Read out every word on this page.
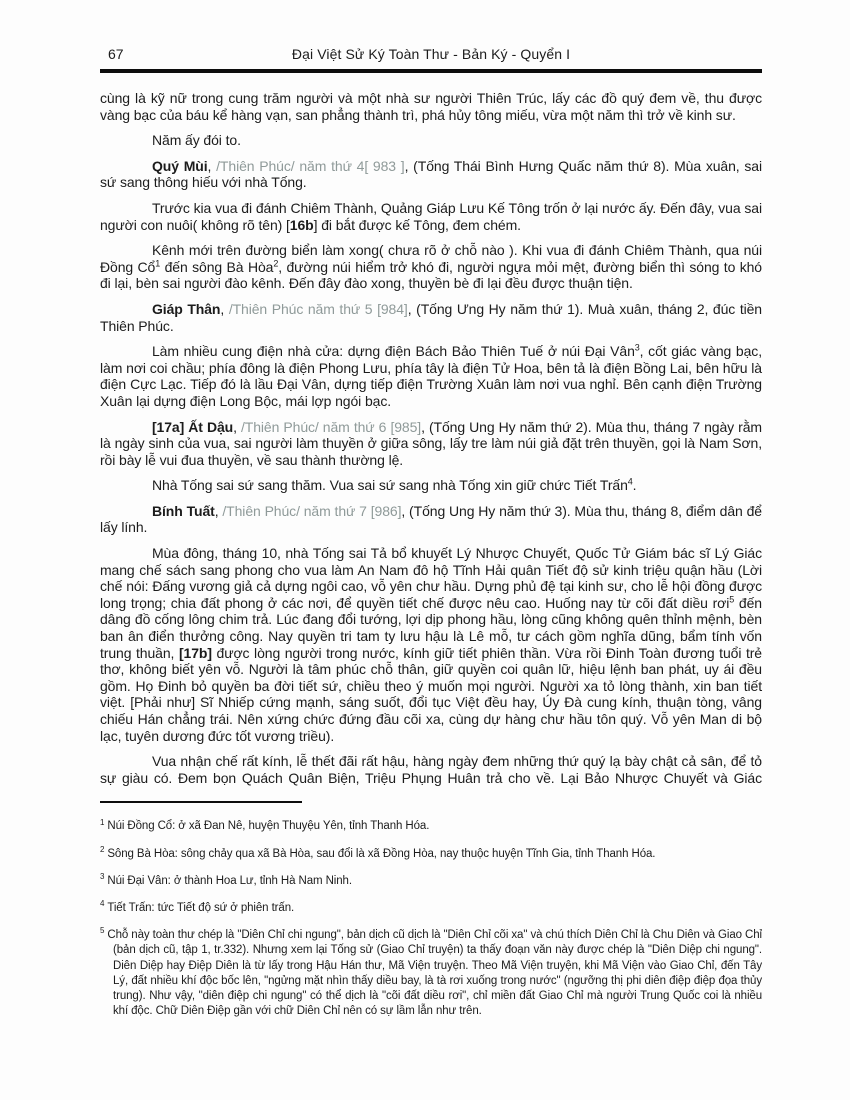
67	Đại Việt Sử Ký Toàn Thư - Bản Ký - Quyển I

cùng là kỹ nữ trong cung trăm người và một nhà sư người Thiên Trúc, lấy các đồ quý đem về, thu được vàng bạc của báu kể hàng vạn, san phẳng thành trì, phá hủy tông miếu, vừa một năm thì trở về kinh sư.

Năm ấy đói to.

Quý Mùi, /Thiên Phúc/ năm thứ 4[ 983 ], (Tống Thái Bình Hưng Quấc năm thứ 8). Mùa xuân, sai sứ sang thông hiếu với nhà Tống.

Trước kia vua đi đánh Chiêm Thành, Quảng Giáp Lưu Kế Tông trốn ở lại nước ấy. Đến đây, vua sai người con nuôi( không rõ tên) [16b] đi bắt được kế Tông, đem chém.

Kênh mới trên đường biển làm xong( chưa rõ ở chỗ nào ). Khi vua đi đánh Chiêm Thành, qua núi Đồng Cổ$^1$ đến sông Bà Hòa$^2$, đường núi hiểm trở khó đi, người ngựa mỏi mệt, đường biển thì sóng to khó đi lại, bèn sai người đào kênh. Đến đây đào xong, thuyền bè đi lại đều được thuận tiện.

Giáp Thân, /Thiên Phúc năm thứ 5 [984], (Tống Ưng Hy năm thứ 1). Muà xuân, tháng 2, đúc tiền Thiên Phúc.

Làm nhiều cung điện nhà cửa: dựng điện Bách Bảo Thiên Tuế ở núi Đại Vân$^3$, cốt giác vàng bạc, làm nơi coi chầu; phía đông là điện Phong Lưu, phía tây là điện Tử Hoa, bên tả là điện Bồng Lai, bên hữu là điện Cực Lạc. Tiếp đó là lầu Đại Vân, dựng tiếp điện Trường Xuân làm nơi vua nghỉ. Bên cạnh điện Trường Xuân lại dựng điện Long Bộc, mái lợp ngói bạc.

[17a] Ất Dậu, /Thiên Phúc/ năm thứ 6 [985], (Tống Ung Hy năm thứ 2). Mùa thu, tháng 7 ngày rằm là ngày sinh của vua, sai người làm thuyền ở giữa sông, lấy tre làm núi giả đặt trên thuyền, gọi là Nam Sơn, rồi bày lễ vui đua thuyền, về sau thành thường lệ.

Nhà Tống sai sứ sang thăm. Vua sai sứ sang nhà Tống xin giữ chức Tiết Trấn$^4$.

Bính Tuất, /Thiên Phúc/ năm thứ 7 [986], (Tống Ung Hy năm thứ 3). Mùa thu, tháng 8, điểm dân để lấy lính.

Mùa đông, tháng 10, nhà Tống sai Tả bổ khuyết Lý Nhược Chuyết, Quốc Tử Giám bác sĩ Lý Giác mang chế sách sang phong cho vua làm An Nam đô hộ Tĩnh Hải quân Tiết độ sử kinh triệu quận hầu (Lời chế nói: Đấng vương giả cả dựng ngôi cao, vỗ yên chư hầu. Dựng phủ đệ tại kinh sư, cho lễ hội đồng được long trọng; chia đất phong ở các nơi, để quyền tiết chế được nêu cao. Huống nay từ cõi đất diều rơi$^5$ đến dâng đồ cống lông chim trả. Lúc đang đổi tướng, lợi dịp phong hầu, lòng cũng không quên thỉnh mệnh, bèn ban ân điển thưởng công. Nay quyền tri tam ty lưu hậu là Lê mỗ, tư cách gồm nghĩa dũng, bẩm tính vốn trung thuần, [17b] được lòng người trong nước, kính giữ tiết phiên thần. Vừa rồi Đinh Toàn đương tuổi trẻ thơ, không biết yên vỗ. Người là tâm phúc chỗ thân, giữ quyền coi quân lữ, hiệu lệnh ban phát, uy ái đều gồm. Họ Đinh bỏ quyền ba đời tiết sứ, chiều theo ý muốn mọi người. Người xa tỏ lòng thành, xin ban tiết việt. [Phải như] Sĩ Nhiếp cứng mạnh, sáng suốt, đổi tục Việt đều hay, Úy Đà cung kính, thuận tòng, vâng chiếu Hán chẳng trái. Nên xứng chức đứng đầu cõi xa, cùng dự hàng chư hầu tôn quý. Vỗ yên Man di bộ lạc, tuyên dương đức tốt vương triều).

Vua nhận chế rất kính, lễ thết đãi rất hậu, hàng ngày đem những thứ quý lạ bày chật cả sân, để tỏ sự giàu có. Đem bọn Quách Quân Biện, Triệu Phụng Huân trả cho về. Lại Bảo Nhược Chuyết và Giác

$^1$ Núi Đồng Cổ: ở xã Đan Nê, huyện Thuyệu Yên, tỉnh Thanh Hóa.
$^2$ Sông Bà Hòa: sông chảy qua xã Bà Hòa, sau đổi là xã Đồng Hòa, nay thuộc huyện Tĩnh Gia, tỉnh Thanh Hóa.
$^3$ Núi Đại Vân: ở thành Hoa Lư, tỉnh Hà Nam Ninh.
$^4$ Tiết Trấn: tức Tiết độ sứ ở phiên trấn.
$^5$ Chỗ này toàn thư chép là "Diên Chỉ chi ngung", bản dịch cũ dịch là "Diên Chỉ cõi xa" và chú thích Diên Chỉ là Chu Diên và Giao Chỉ (bản dịch cũ, tập 1, tr.332). Nhưng xem lại Tống sử (Giao Chỉ truyện) ta thấy đoạn văn này được chép là "Diên Diệp chi ngung". Diên Diệp hay Điệp Diên là từ lấy trong Hậu Hán thư, Mã Viện truyện. Theo Mã Viện truyện, khi Mã Viện vào Giao Chỉ, đến Tây Lý, đất nhiều khí độc bốc lên, "ngửng mặt nhìn thấy diều bay, là tà rơi xuống trong nước" (ngưỡng thị phi diên điệp điệp đọa thủy trung). Như vậy, "diên điệp chi ngung" có thể dịch là "cõi đất diều rơi", chỉ miền đất Giao Chỉ mà người Trung Quốc coi là nhiều khí độc. Chữ Diên Điệp gần với chữ Diên Chỉ nên có sự lầm lẫn như trên.
